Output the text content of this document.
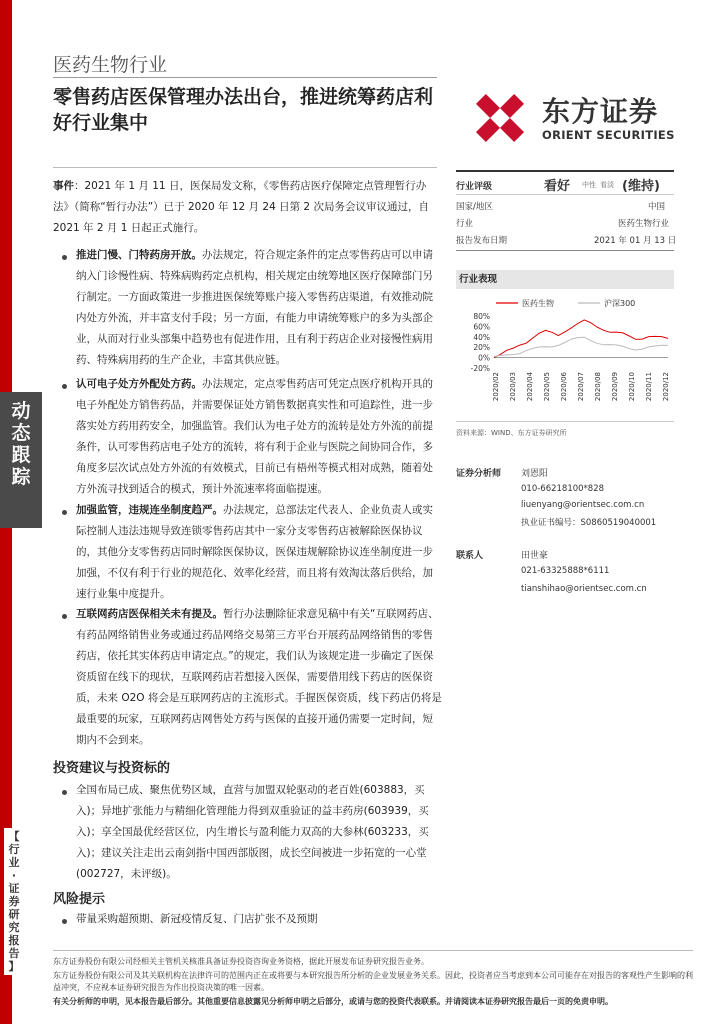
动
态
跟
踪
【
行
业
·
证
券
研
究
报
告
】
医药生物行业
零售药店医保管理办法出台，推进统筹药店利好行业集中	东方证券
ORIENT SECURITIES
事件：2021 年 1 月 11 日，医保局发文称，《零售药店医疗保障定点管理暂行办法》（简称“暂行办法”）已于 2020 年 12 月 24 日第 2 次局务会议审议通过，自 2021 年 2 月 1 日起正式施行。
推进门慢、门特药房开放。办法规定，符合规定条件的定点零售药店可以申请纳入门诊慢性病、特殊病购药定点机构，相关规定由统筹地区医疗保障部门另行制定。一方面政策进一步推进医保统筹账户接入零售药店渠道，有效推动院内处方外流，并丰富支付手段；另一方面，有能力申请统筹账户的多为头部企业，从而对行业头部集中趋势也有促进作用，且有利于药店企业对接慢性病用药、特殊病用药的生产企业，丰富其供应链。
认可电子处方外配处方药。办法规定，定点零售药店可凭定点医疗机构开具的电子外配处方销售药品，并需要保证处方销售数据真实性和可追踪性，进一步落实处方药用药安全，加强监管。我们认为电子处方的流转是处方外流的前提条件，认可零售药店电子处方的流转，将有利于企业与医院之间协同合作，多角度多层次试点处方外流的有效模式，目前已有梧州等模式相对成熟，随着处方外流寻找到适合的模式，预计外流速率将面临提速。
加强监管，违规连坐制度趋严。办法规定，总部法定代表人、企业负责人或实际控制人违法违规导致连锁零售药店其中一家分支零售药店被解除医保协议的，其他分支零售药店同时解除医保协议，医保违规解除协议连坐制度进一步加强，不仅有利于行业的规范化、效率化经营，而且将有效淘汰落后供给，加速行业集中度提升。
互联网药店医保相关未有提及。暂行办法删除征求意见稿中有关“互联网药店、有药品网络销售业务或通过药品网络交易第三方平台开展药品网络销售的零售药店，依托其实体药店申请定点。”的规定，我们认为该规定进一步确定了医保资质留在线下的现状，互联网药店若想接入医保，需要借用线下药店的医保资质，未来 O2O 将会是互联网药店的主流形式。手握医保资质，线下药店仍将是最重要的玩家，互联网药店网售处方药与医保的直接开通仍需要一定时间，短期内不会到来。
投资建议与投资标的
全国布局已成、聚焦优势区域，直营与加盟双轮驱动的老百姓(603883，买入)；异地扩张能力与精细化管理能力得到双重验证的益丰药房(603939，买入)；享全国最优经营区位，内生增长与盈利能力双高的大参林(603233，买入)；建议关注走出云南剑指中国西部版图，成长空间被进一步拓宽的一心堂(002727，未评级)。
风险提示
带量采购超预期、新冠疫情反复、门店扩张不及预期
行业评级	看好 中性 看淡 (维持)
国家/地区	中国
行业	医药生物行业
报告发布日期	2021 年 01 月 13 日
行业表现
医药生物	沪深300
80%
60%
40%
20%
0%
-20%
2020/02 2020/03 2020/04 2020/05 2020/06 2020/07 2020/08 2020/09 2020/10 2020/11 2020/12
资料来源：WIND、东方证券研究所
证券分析师 刘恩阳
010-66218100*828
liuenyang@orientsec.com.cn
执业证书编号：S0860519040001
联系人	田世豪
021-63325888*6111
tianshihao@orientsec.com.cn
东方证券股份有限公司经相关主管机关核准具备证券投资咨询业务资格，据此开展发布证券研究报告业务。
东方证券股份有限公司及其关联机构在法律许可的范围内正在或将要与本研究报告所分析的企业发展业务关系。因此，投资者应当考虑到本公司可能存在对报告的客观性产生影响的利益冲突，不应视本证券研究报告为作出投资决策的唯一因素。
有关分析师的申明，见本报告最后部分。其他重要信息披露见分析师申明之后部分，或请与您的投资代表联系。并请阅读本证券研究报告最后一页的免责申明。
